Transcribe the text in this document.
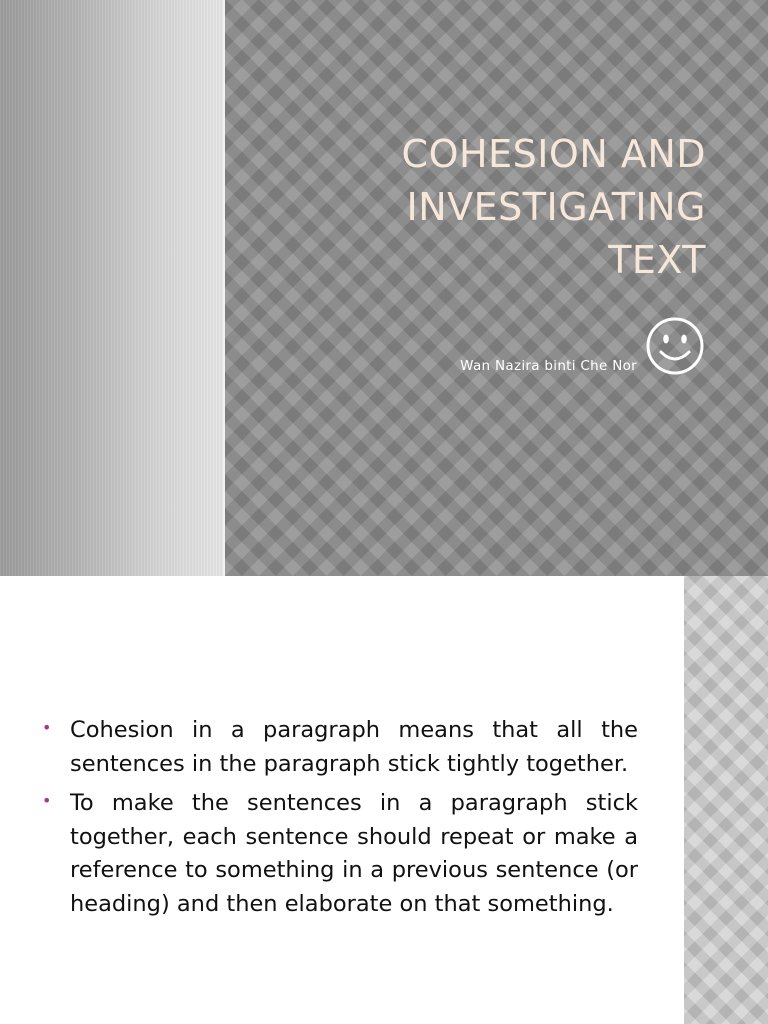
COHESION AND
INVESTIGATING
TEXT
Wan Nazira binti Che Nor
• Cohesion in a paragraph means that all the sentences in the paragraph stick tightly together.
• To make the sentences in a paragraph stick together, each sentence should repeat or make a reference to something in a previous sentence (or heading) and then elaborate on that something.
